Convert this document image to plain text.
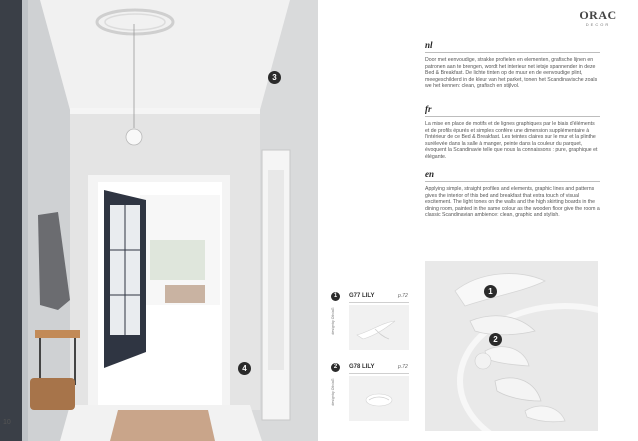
3
4
10
ORAC
DECOR
nl
Door met eenvoudige, strakke profielen en elementen, grafische lijnen en patronen aan te brengen, wordt het interieur net ietsje spannender in deze Bed & Breakfast. De lichte tinten op de muur en de eenvoudige plint, meegeschilderd in de kleur van het parket, tonen het Scandinavische zoals we het kennen: clean, grafisch en stijlvol.
fr
La mise en place de motifs et de lignes graphiques par le biais d'éléments et de profils épurés et simples confère une dimension supplémentaire à l'intérieur de ce Bed & Breakfast. Les teintes claires sur le mur et la plinthe surélevée dans la salle à manger, peinte dans la couleur du parquet, évoquent la Scandinavie telle que nous la connaissons : pure, graphique et élégante.
en
Applying simple, straight profiles and elements, graphic lines and patterns gives the interior of this bed and breakfast that extra touch of visual excitement. The light tones on the walls and the high skirting boards in the dining room, painted in the same colour as the wooden floor give the room a classic Scandinavian ambience: clean, graphic and stylish.
1	G77 LILY	p.72
designby OliviaG
2	G78 LILY	p.72
designby OliviaG
1
2
